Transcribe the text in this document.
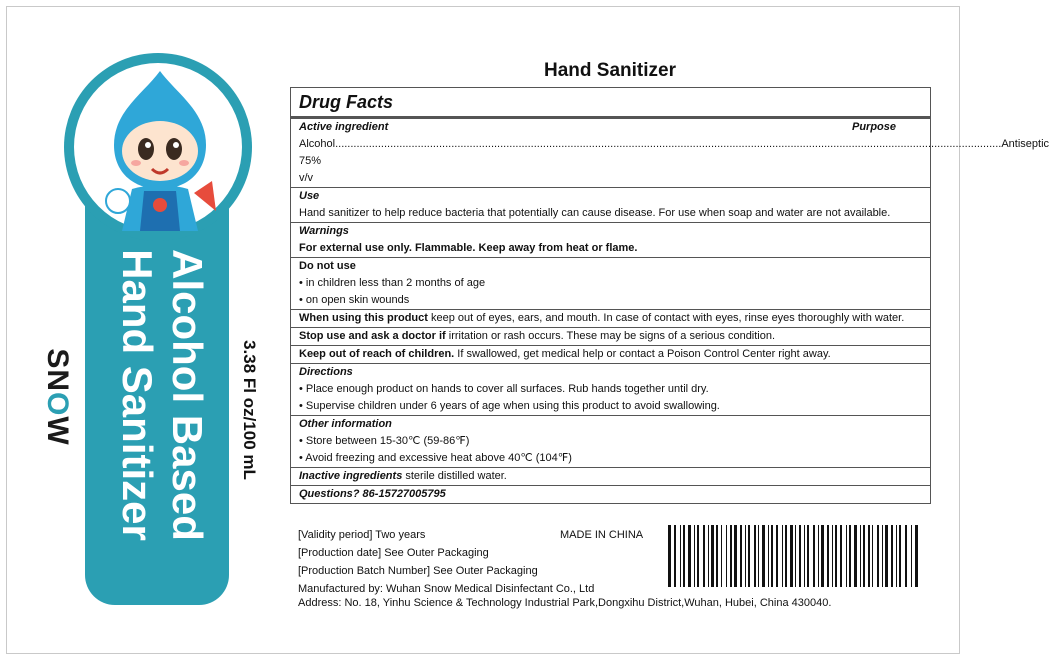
Alcohol Based
Hand Sanitizer	3.38 Fl oz/100 mL
SNOW
Hand Sanitizer
Drug Facts
Active ingredient	Purpose
Alcohol 75% v/v
.......................................................................................................................................................................................................................... Antiseptic
Use

Hand sanitizer to help reduce bacteria that potentially can cause disease. For use when soap and water are not available.

Warnings
For external use only. Flammable. Keep away from heat or flame.
Do not use
• in children less than 2 months of age
• on open skin wounds

When using this product keep out of eyes, ears, and mouth. In case of contact with eyes, rinse eyes thoroughly with water.

Stop use and ask a doctor if irritation or rash occurs. These may be signs of a serious condition.

Keep out of reach of children. If swallowed, get medical help or contact a Poison Control Center right away.

Directions
• Place enough product on hands to cover all surfaces. Rub hands together until dry.
• Supervise children under 6 years of age when using this product to avoid swallowing.
Other information
• Store between 15-30℃ (59-86℉)
• Avoid freezing and excessive heat above 40℃ (104℉)

Inactive ingredients sterile distilled water.

Questions? 86-15727005795
[Validity period] Two years
[Production date] See Outer Packaging
[Production Batch Number] See Outer Packaging
Manufactured by: Wuhan Snow Medical Disinfectant Co., Ltd
MADE IN CHINA
Address: No. 18, Yinhu Science & Technology Industrial Park,Dongxihu District,Wuhan, Hubei, China 430040.
